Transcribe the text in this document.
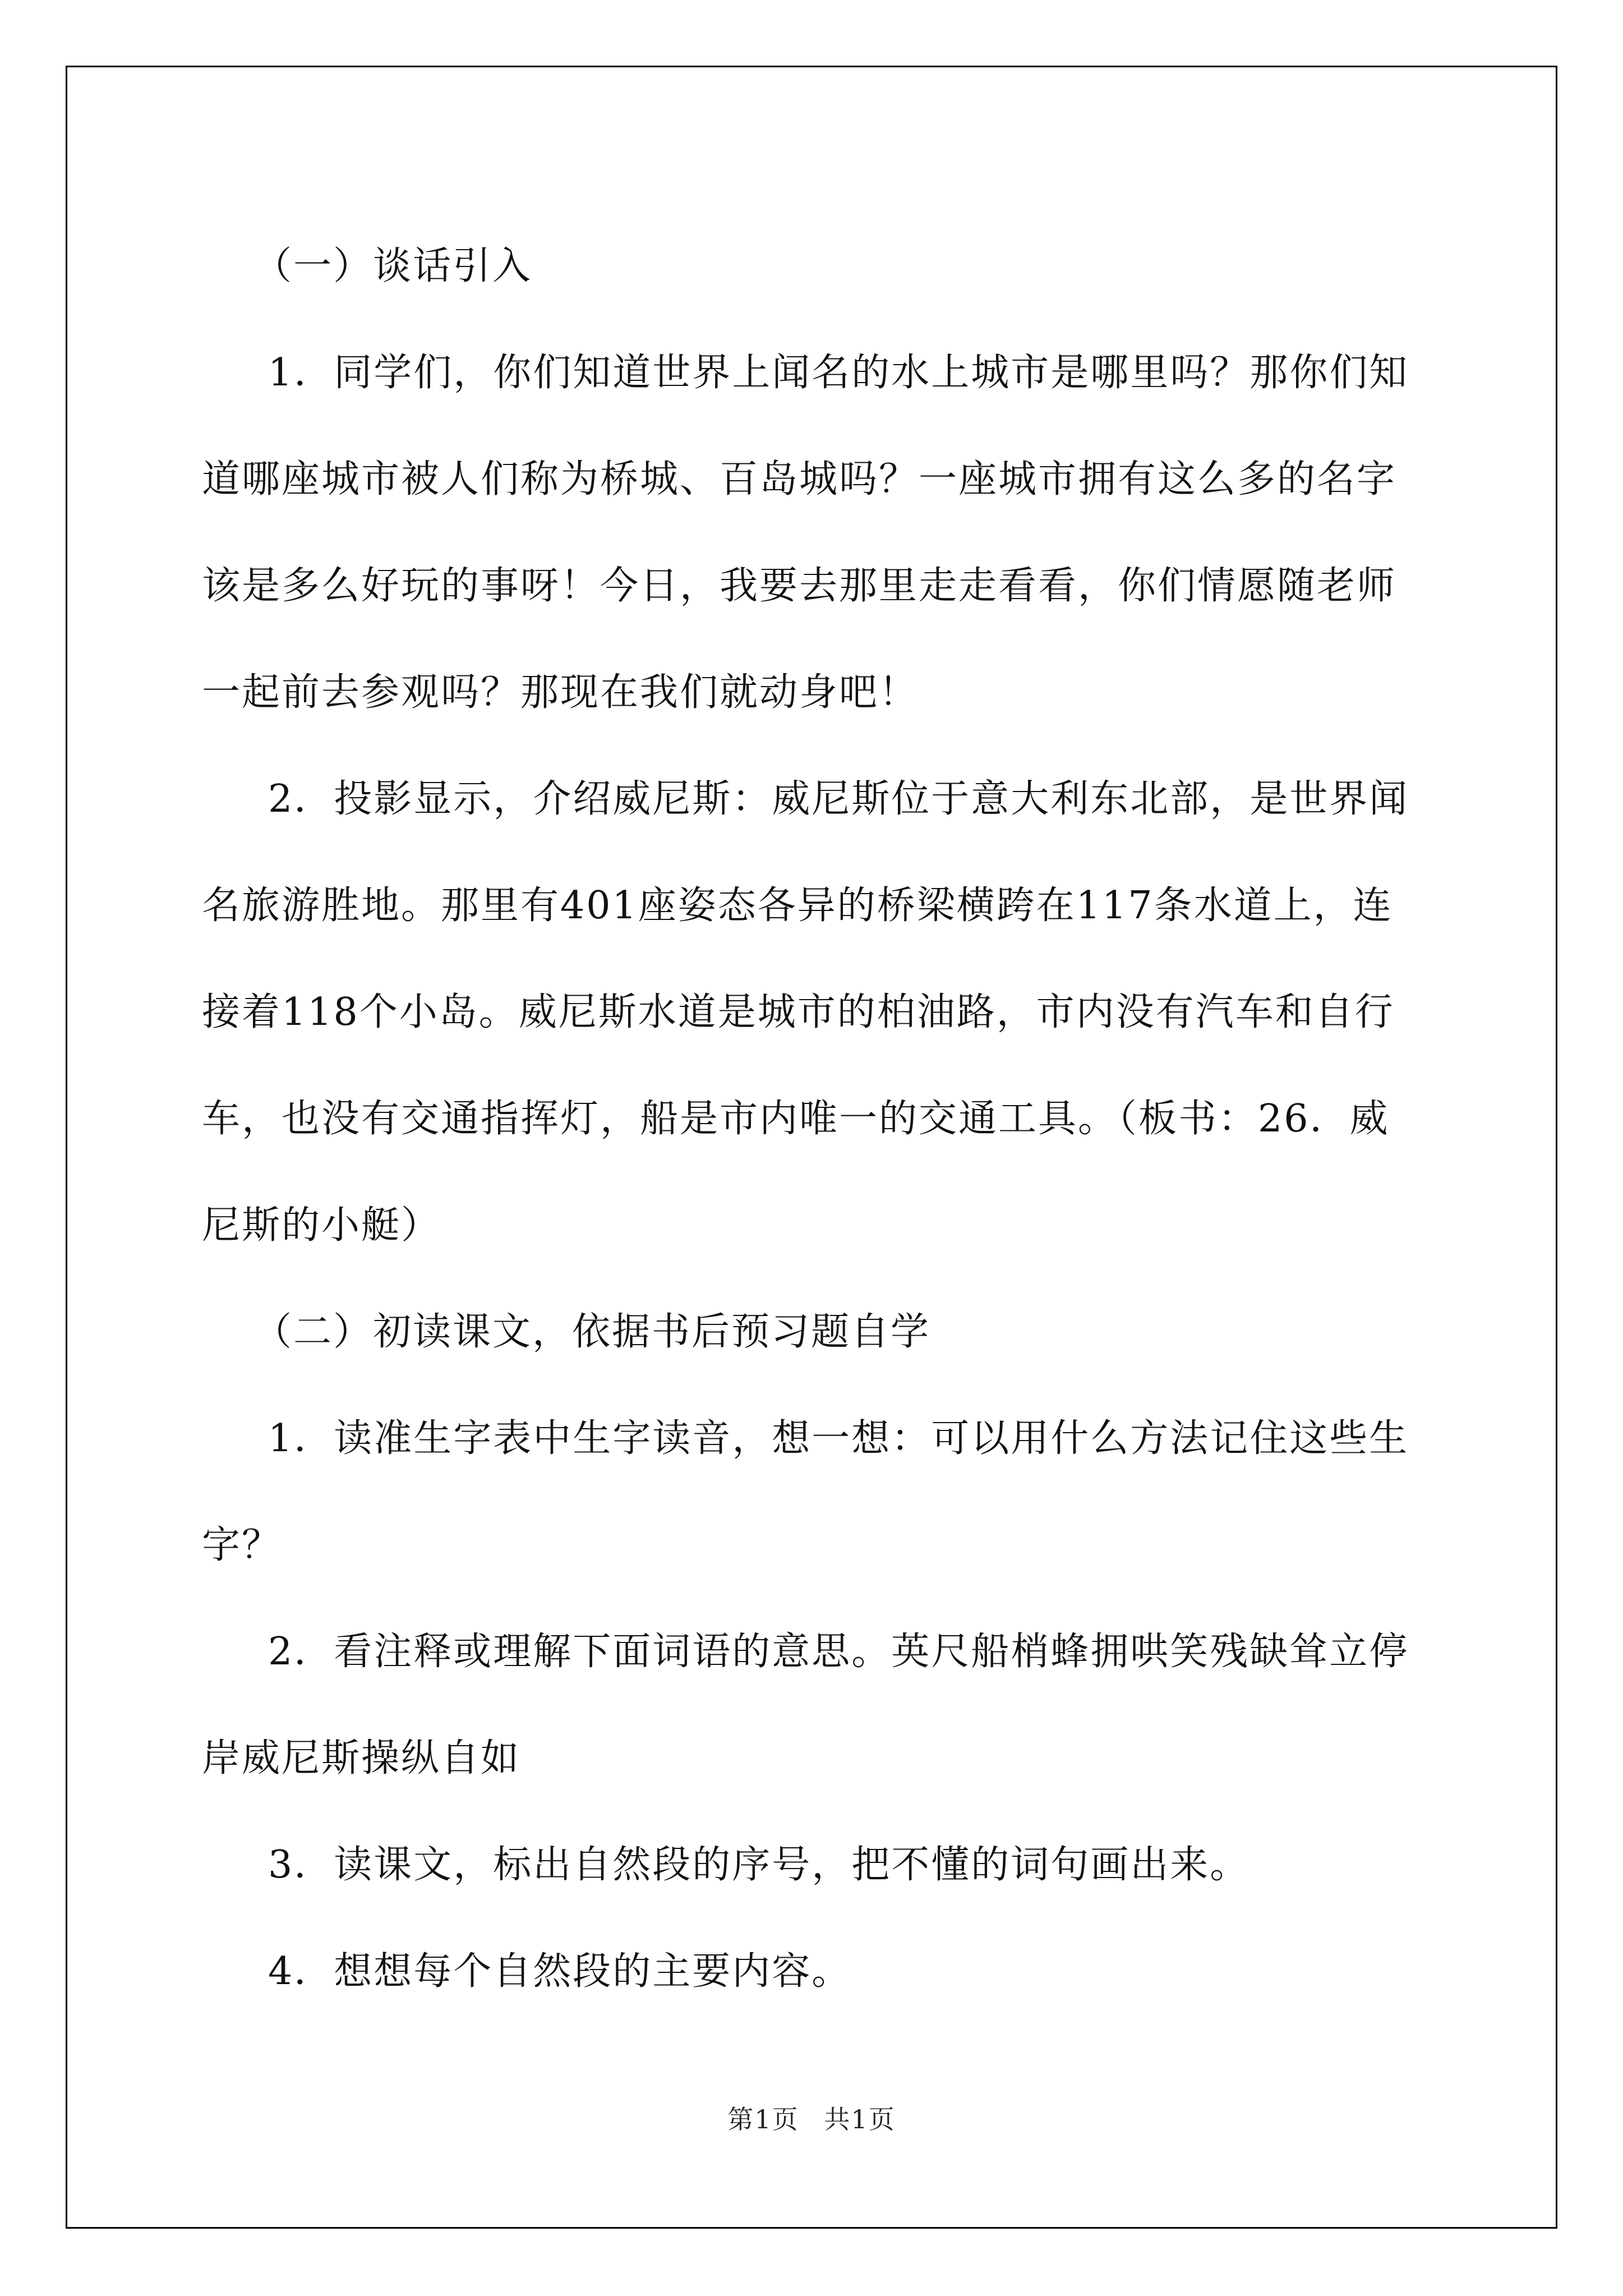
（一）谈话引入

1．同学们，你们知道世界上闻名的水上城市是哪里吗？那你们知道哪座城市被人们称为桥城、百岛城吗？一座城市拥有这么多的名字该是多么好玩的事呀！今日，我要去那里走走看看，你们情愿随老师一起前去参观吗？那现在我们就动身吧！

2．投影显示，介绍威尼斯：威尼斯位于意大利东北部，是世界闻名旅游胜地。那里有401座姿态各异的桥梁横跨在117条水道上，连接着118个小岛。威尼斯水道是城市的柏油路，市内没有汽车和自行车，也没有交通指挥灯，船是市内唯一的交通工具。（板书：26．威尼斯的小艇）

（二）初读课文，依据书后预习题自学

1．读准生字表中生字读音，想一想：可以用什么方法记住这些生字？

2．看注释或理解下面词语的意思。英尺船梢蜂拥哄笑残缺耸立停岸威尼斯操纵自如

3．读课文，标出自然段的序号，把不懂的词句画出来。

4．想想每个自然段的主要内容。

第1页 共1页
